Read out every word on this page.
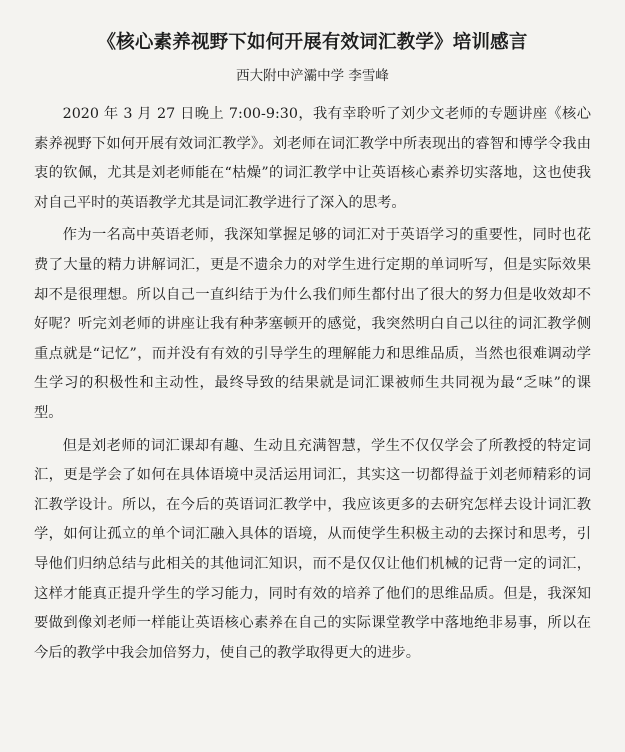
《核心素养视野下如何开展有效词汇教学》培训感言
西大附中浐灞中学 李雪峰

2020 年 3 月 27 日晚上 7:00-9:30，我有幸聆听了刘少文老师的专题讲座《核心素养视野下如何开展有效词汇教学》。刘老师在词汇教学中所表现出的睿智和博学令我由衷的钦佩，尤其是刘老师能在“枯燥”的词汇教学中让英语核心素养切实落地，这也使我对自己平时的英语教学尤其是词汇教学进行了深入的思考。

作为一名高中英语老师，我深知掌握足够的词汇对于英语学习的重要性，同时也花费了大量的精力讲解词汇，更是不遗余力的对学生进行定期的单词听写，但是实际效果却不是很理想。所以自己一直纠结于为什么我们师生都付出了很大的努力但是收效却不好呢？听完刘老师的讲座让我有种茅塞顿开的感觉，我突然明白自己以往的词汇教学侧重点就是“记忆”，而并没有有效的引导学生的理解能力和思维品质，当然也很难调动学生学习的积极性和主动性，最终导致的结果就是词汇课被师生共同视为最“乏味”的课型。

但是刘老师的词汇课却有趣、生动且充满智慧，学生不仅仅学会了所教授的特定词汇，更是学会了如何在具体语境中灵活运用词汇，其实这一切都得益于刘老师精彩的词汇教学设计。所以，在今后的英语词汇教学中，我应该更多的去研究怎样去设计词汇教学，如何让孤立的单个词汇融入具体的语境，从而使学生积极主动的去探讨和思考，引导他们归纳总结与此相关的其他词汇知识，而不是仅仅让他们机械的记背一定的词汇，这样才能真正提升学生的学习能力，同时有效的培养了他们的思维品质。但是，我深知要做到像刘老师一样能让英语核心素养在自己的实际课堂教学中落地绝非易事，所以在今后的教学中我会加倍努力，使自己的教学取得更大的进步。
